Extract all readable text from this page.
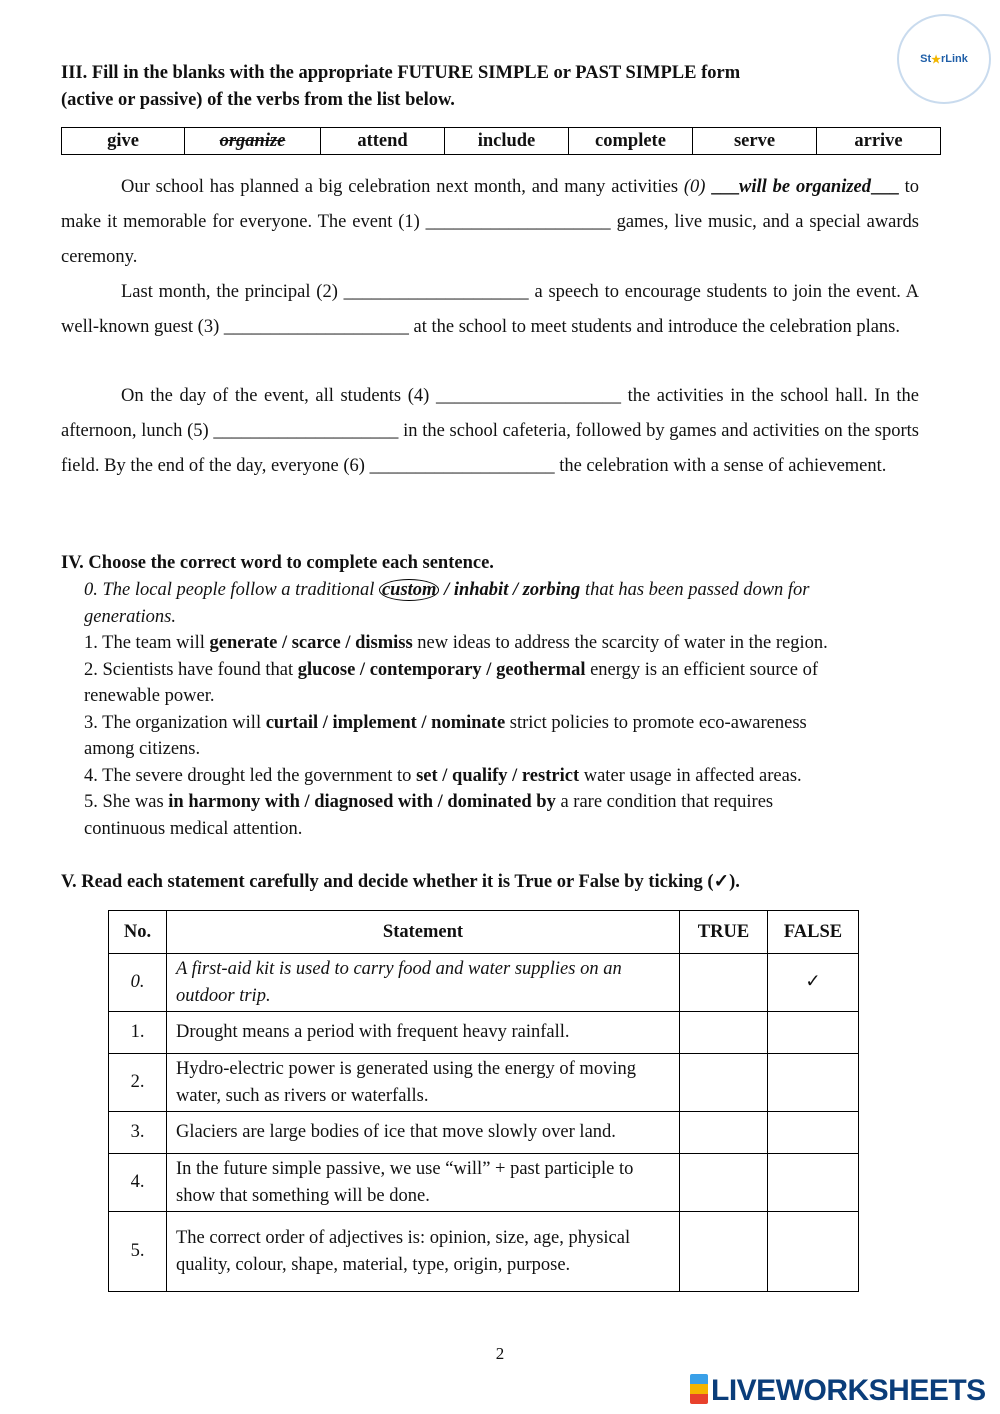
St ★ rLink

III. Fill in the blanks with the appropriate FUTURE SIMPLE or PAST SIMPLE form
(active or passive) of the verbs from the list below.

give	organize	attend	include	complete	serve	arrive

Our school has planned a big celebration next month, and many activities (0) ___will be organized___ to make it memorable for everyone. The event (1) ____________________ games, live music, and a special awards ceremony.

Last month, the principal (2) ____________________ a speech to encourage students to join the event. A well-known guest (3) ____________________ at the school to meet students and introduce the celebration plans.

On the day of the event, all students (4) ____________________ the activities in the school hall. In the afternoon, lunch (5) ____________________ in the school cafeteria, followed by games and activities on the sports field. By the end of the day, everyone (6) ____________________ the celebration with a sense of achievement.

IV. Choose the correct word to complete each sentence.

0. The local people follow a traditional custom / inhabit / zorbing that has been passed down for
generations.
1. The team will generate / scarce / dismiss new ideas to address the scarcity of water in the region.
2. Scientists have found that glucose / contemporary / geothermal energy is an efficient source of
renewable power.
3. The organization will curtail / implement / nominate strict policies to promote eco-awareness
among citizens.
4. The severe drought led the government to set / qualify / restrict water usage in affected areas.
5. She was in harmony with / diagnosed with / dominated by a rare condition that requires
continuous medical attention.

V. Read each statement carefully and decide whether it is True or False by ticking (✓).

No.	Statement	TRUE	FALSE
0.	A first-aid kit is used to carry food and water supplies on an outdoor trip.		✓
1.	Drought means a period with frequent heavy rainfall.		
2.	Hydro-electric power is generated using the energy of moving water, such as rivers or waterfalls.		
3.	Glaciers are large bodies of ice that move slowly over land.		
4.	In the future simple passive, we use “will” + past participle to show that something will be done.		
5.	The correct order of adjectives is: opinion, size, age, physical quality, colour, shape, material, type, origin, purpose.		
2
LIVEWORKSHEETS
